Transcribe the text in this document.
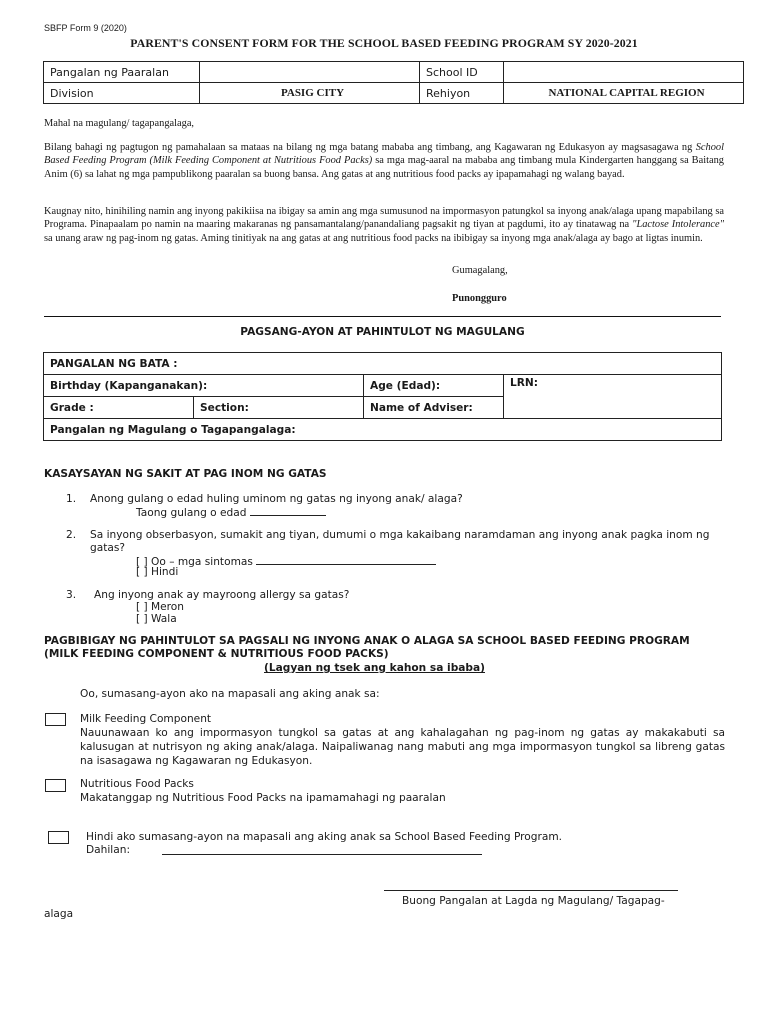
SBFP Form 9 (2020)
PARENT'S CONSENT FORM FOR THE SCHOOL BASED FEEDING PROGRAM SY 2020-2021
Pangalan ng Paaralan		School ID	
Division	PASIG CITY	Rehiyon	NATIONAL CAPITAL REGION
Mahal na magulang/ tagapangalaga,
Bilang bahagi ng pagtugon ng pamahalaan sa mataas na bilang ng mga batang mababa ang timbang, ang Kagawaran ng Edukasyon ay magsasagawa ng School Based Feeding Program (Milk Feeding Component at Nutritious Food Packs) sa mga mag-aaral na mababa ang timbang mula Kindergarten hanggang sa Baitang Anim (6) sa lahat ng mga pampublikong paaralan sa buong bansa. Ang gatas at ang nutritious food packs ay ipapamahagi ng walang bayad.
Kaugnay nito, hinihiling namin ang inyong pakikiisa na ibigay sa amin ang mga sumusunod na impormasyon patungkol sa inyong anak/alaga upang mapabilang sa Programa. Pinapaalam po namin na maaring makaranas ng pansamantalang/panandaliang pagsakit ng tiyan at pagdumi, ito ay tinatawag na "Lactose Intolerance" sa unang araw ng pag-inom ng gatas. Aming tinitiyak na ang gatas at ang nutritious food packs na ibibigay sa inyong mga anak/alaga ay bago at ligtas inumin.
Gumagalang,
Punongguro
PAGSANG-AYON AT PAHINTULOT NG MAGULANG
PANGALAN NG BATA :			
Birthday (Kapanganakan):		Age (Edad):	LRN:
Grade :	Section:	Name of Adviser:	
Pangalan ng Magulang o Tagapangalaga:			
KASAYSAYAN NG SAKIT AT PAG INOM NG GATAS
1. Anong gulang o edad huling uminom ng gatas ng inyong anak/ alaga?
Taong gulang o edad
2. Sa inyong obserbasyon, sumakit ang tiyan, dumumi o mga kakaibang naramdaman ang inyong anak pagka inom ng gatas?
[ ] Oo – mga sintomas
[ ] Hindi
3. Ang inyong anak ay mayroong allergy sa gatas?
[ ] Meron
[ ] Wala
PAGBIBIGAY NG PAHINTULOT SA PAGSALI NG INYONG ANAK O ALAGA SA SCHOOL BASED FEEDING PROGRAM (MILK FEEDING COMPONENT & NUTRITIOUS FOOD PACKS)
(Lagyan ng tsek ang kahon sa ibaba)
Oo, sumasang-ayon ako na mapasali ang aking anak sa:
Milk Feeding Component
Nauunawaan ko ang impormasyon tungkol sa gatas at ang kahalagahan ng pag-inom ng gatas ay makakabuti sa kalusugan at nutrisyon ng aking anak/alaga. Naipaliwanag nang mabuti ang mga impormasyon tungkol sa libreng gatas na isasagawa ng Kagawaran ng Edukasyon.
Nutritious Food Packs
Makatanggap ng Nutritious Food Packs na ipamamahagi ng paaralan
Hindi ako sumasang-ayon na mapasali ang aking anak sa School Based Feeding Program.
Dahilan:
Buong Pangalan at Lagda ng Magulang/ Tagapag-
alaga
